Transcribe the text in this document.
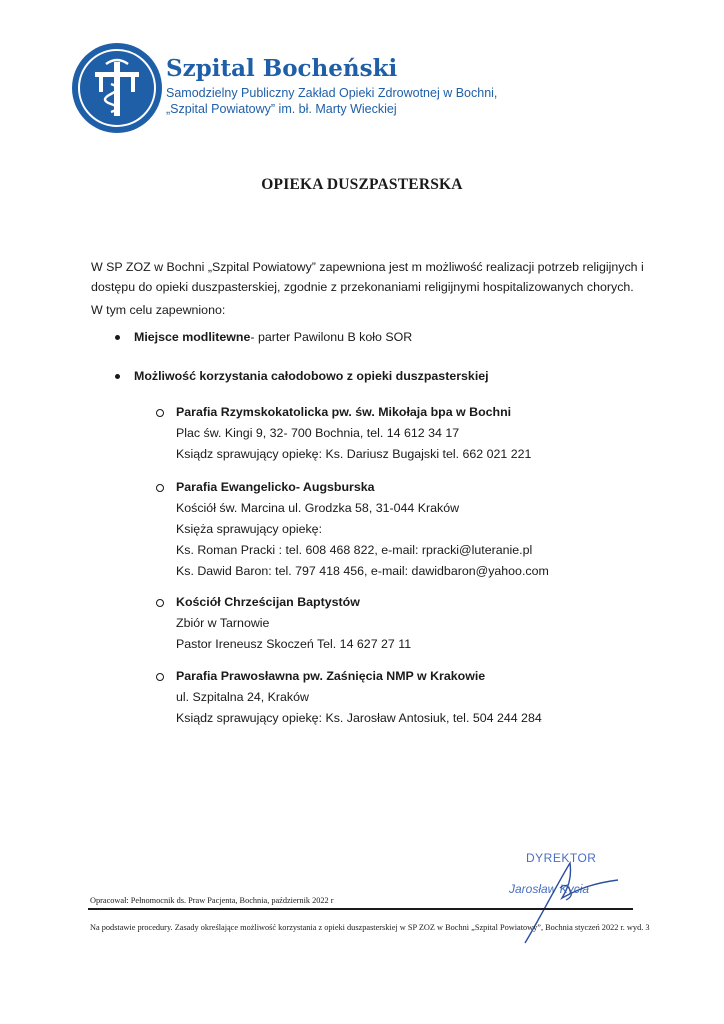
Szpital Bocheński
Samodzielny Publiczny Zakład Opieki Zdrowotnej w Bochni,
„Szpital Powiatowy” im. bł. Marty Wieckiej
OPIEKA DUSZPASTERSKA
W SP ZOZ w Bochni „Szpital Powiatowy” zapewniona jest m możliwość realizacji potrzeb religijnych i
dostępu do opieki duszpasterskiej, zgodnie z przekonaniami religijnymi hospitalizowanych chorych.
W tym celu zapewniono:
Miejsce modlitewne- parter Pawilonu B koło SOR
Możliwość korzystania całodobowo z opieki duszpasterskiej
Parafia Rzymskokatolicka pw. św. Mikołaja bpa w Bochni
Plac św. Kingi 9, 32- 700 Bochnia, tel. 14 612 34 17
Ksiądz sprawujący opiekę: Ks. Dariusz Bugajski tel. 662 021 221
Parafia Ewangelicko- Augsburska
Kościół św. Marcina ul. Grodzka 58, 31-044 Kraków
Księża sprawujący opiekę:
Ks. Roman Pracki : tel. 608 468 822, e-mail: rpracki@luteranie.pl
Ks. Dawid Baron: tel. 797 418 456, e-mail: dawidbaron@yahoo.com
Kościół Chrześcijan Baptystów
Zbiór w Tarnowie
Pastor Ireneusz Skoczeń Tel. 14 627 27 11
Parafia Prawosławna pw. Zaśnięcia NMP w Krakowie
ul. Szpitalna 24, Kraków
Ksiądz sprawujący opiekę: Ks. Jarosław Antosiuk, tel. 504 244 284
DYREKTOR
Jarosław Kycia
Opracował: Pełnomocnik ds. Praw Pacjenta, Bochnia, październik 2022 r
Na podstawie procedury. Zasady określające możliwość korzystania z opieki duszpasterskiej w SP ZOZ w Bochni „Szpital Powiatowy”, Bochnia styczeń 2022 r. wyd. 3
